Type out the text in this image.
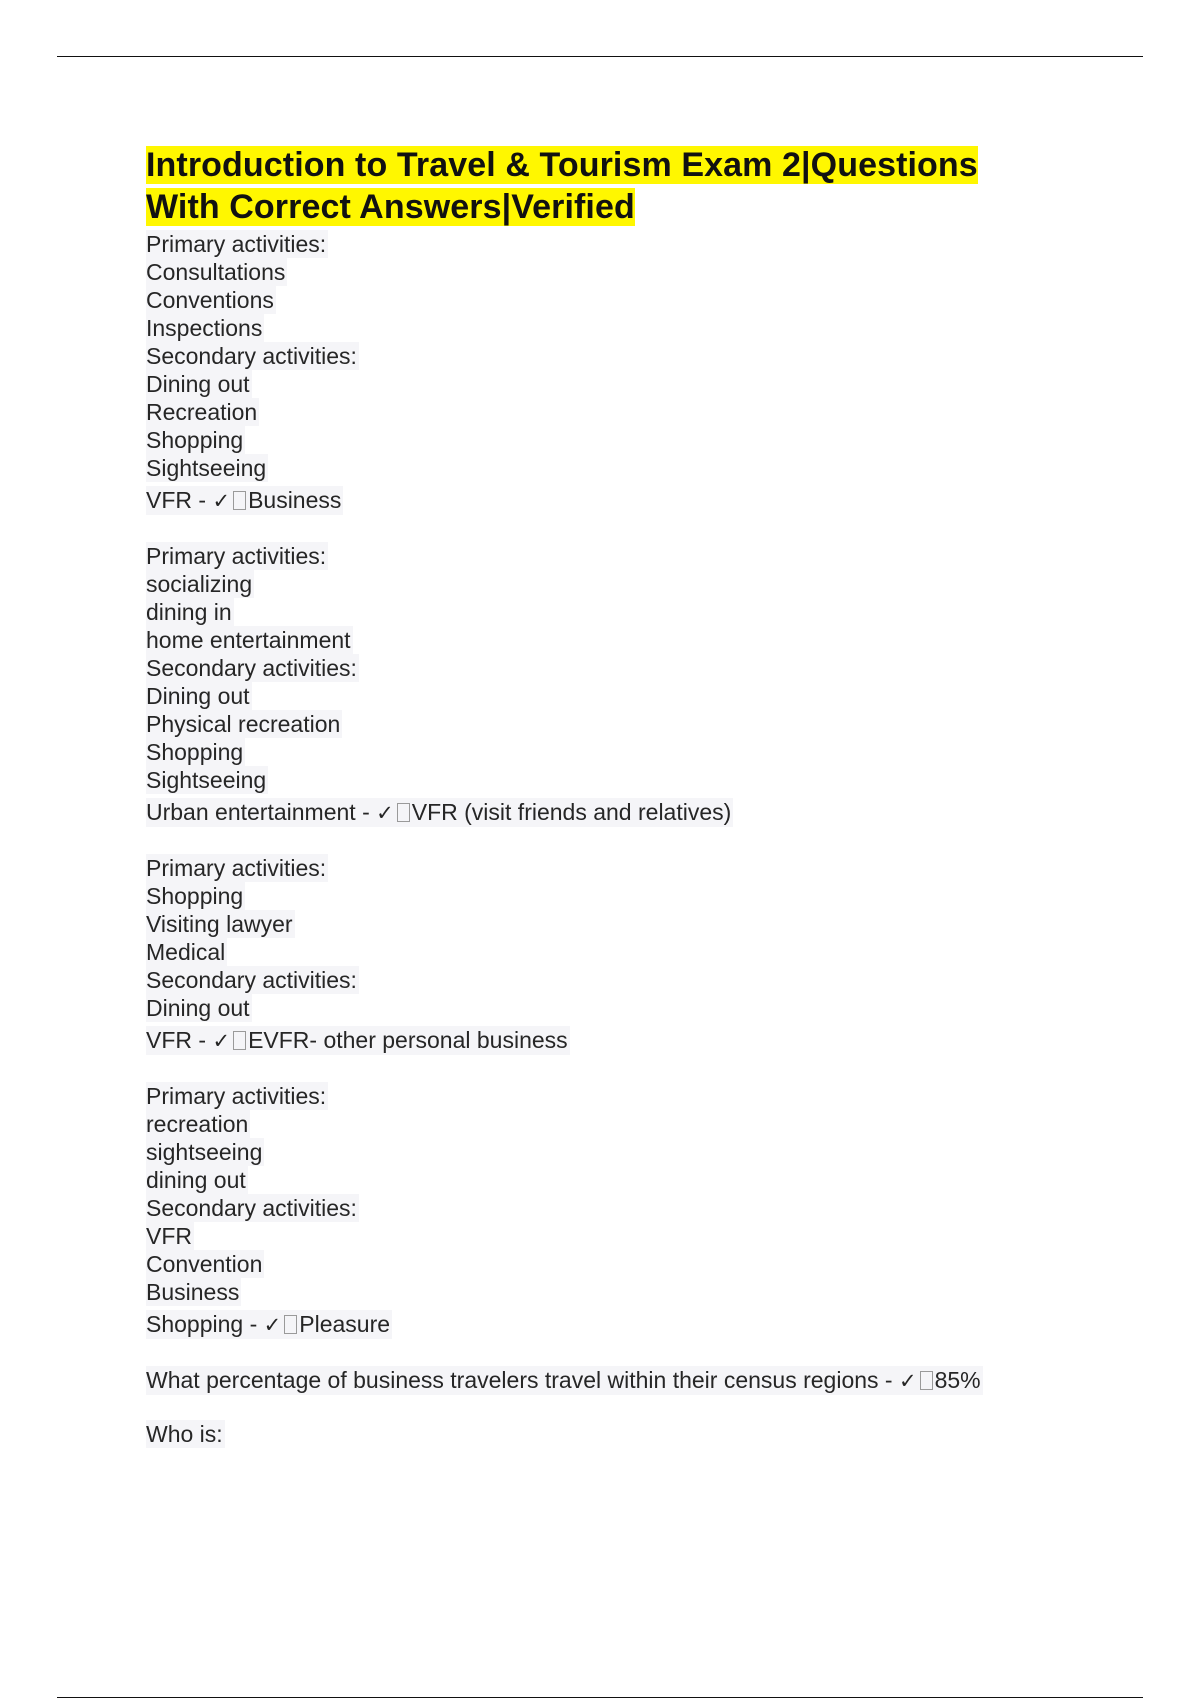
Introduction to Travel & Tourism Exam 2|Questions
With Correct Answers|Verified
Primary activities:
Consultations
Conventions
Inspections
Secondary activities:
Dining out
Recreation
Shopping
Sightseeing
VFR - ✓ Business
Primary activities:
socializing
dining in
home entertainment
Secondary activities:
Dining out
Physical recreation
Shopping
Sightseeing
Urban entertainment - ✓ VFR (visit friends and relatives)
Primary activities:
Shopping
Visiting lawyer
Medical
Secondary activities:
Dining out
VFR - ✓ EVFR- other personal business
Primary activities:
recreation
sightseeing
dining out
Secondary activities:
VFR
Convention
Business
Shopping - ✓ Pleasure
What percentage of business travelers travel within their census regions - ✓ 85%
Who is:
